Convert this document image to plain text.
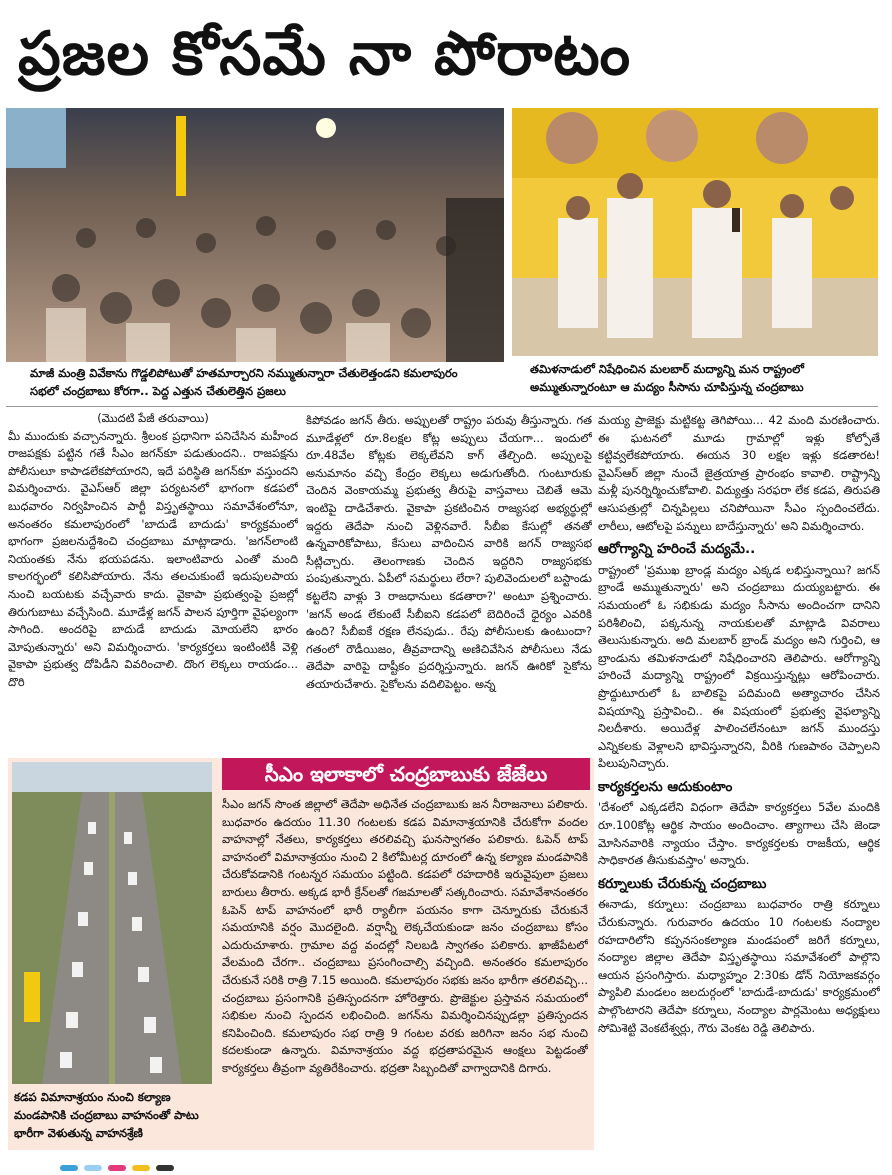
ప్రజల కోసమే నా పోరాటం
మాజీ మంత్రి వివేకాను గొడ్డలిపోటుతో హతమార్చారని నమ్ముతున్నారా చేతులెత్తండని కమలాపురం సభలో చంద్రబాబు కోరగా.. పెద్ద ఎత్తున చేతులెత్తిన ప్రజలు
తమిళనాడులో నిషేధించిన మలబార్ మద్యాన్ని మన రాష్ట్రంలో అమ్ముతున్నారంటూ ఆ మద్యం సీసాను చూపిస్తున్న చంద్రబాబు

(మొదటి పేజీ తరువాయి)

మీ ముందుకు వచ్చానన్నారు. శ్రీలంక ప్రధానిగా పనిచేసిన మహీంద రాజపక్షకు పట్టిన గతే సీఎం జగన్‌కూ పడుతుందని.. రాజపక్షను పోలీసులూ కాపాడలేకపోయారని, ఇదే పరిస్థితి జగన్‌కూ వస్తుందని విమర్శించారు. వైఎస్‌ఆర్ జిల్లా పర్యటనలో భాగంగా కడపలో బుధవారం నిర్వహించిన పార్టీ విస్తృతస్థాయి సమావేశంలోనూ, అనంతరం కమలాపురంలో 'బాదుడే బాదుడు' కార్యక్రమంలో భాగంగా ప్రజలనుద్దేశించి చంద్రబాబు మాట్లాడారు. 'జగన్‌లాంటి నియంతకు నేను భయపడను. ఇలాంటివారు ఎంతో మంది కాలగర్భంలో కలిసిపోయారు. నేను తలచుకుంటే ఇదుపులపాయ నుంచి బయటకు వచ్చేవారు కాదు. వైకాపా ప్రభుత్వంపై ప్రజల్లో తిరుగుబాటు వచ్చేసింది. మూడేళ్ల జగన్ పాలన పూర్తిగా వైఫల్యంగా సాగింది. అందరిపై బాదుడే బాదుడు మోయలేని భారం మోపుతున్నారు' అని విమర్శించారు. 'కార్యకర్తలు ఇంటింటికీ వెళ్లి వైకాపా ప్రభుత్వ దోపిడీని వివరించాలి. దొంగ లెక్కలు రాయడం... దొరి

కిపోవడం జగన్ తీరు. అప్పులతో రాష్ట్రం పరువు తీస్తున్నారు. గత మూడేళ్లలో రూ.8లక్షల కోట్ల అప్పులు చేయగా... ఇందులో రూ.48వేల కోట్లకు లెక్కలేవని కాగ్ తేల్చింది. అప్పులపై అనుమానం వచ్చి కేంద్రం లెక్కలు అడుగుతోంది. గుంటూరుకు చెందిన వెంకాయమ్మ ప్రభుత్వ తీరుపై వాస్తవాలు చెబితే ఆమె ఇంటిపై దాడిచేశారు. వైకాపా ప్రకటించిన రాజ్యసభ అభ్యర్థుల్లో ఇద్దరు తెదేపా నుంచి వెళ్లినవారే. సీబీఐ కేసుల్లో తనతో ఉన్నవారికోపాటు, కేసులు వాదించిన వారికి జగన్ రాజ్యసభ సీట్లిచ్చారు. తెలంగాణకు చెందిన ఇద్దరిని రాజ్యసభకు పంపుతున్నారు. ఏపీలో సమర్థులు లేరా? పులివెందులలో బస్టాండు కట్టలేని వాళ్లు 3 రాజధానులు కడతారా?' అంటూ ప్రశ్నించారు. 'జగన్ అండ లేకుంటే సీబీఐని కడపలో బెదిరించే ధైర్యం ఎవరికి ఉంది? సీబీఐకే రక్షణ లేనపుడు.. రేపు పోలీసులకు ఉంటుందా? గతంలో రౌడీయిజం, తీవ్రవాదాన్ని అణిచివేసిన పోలీసులు నేడు తెదేపా వారిపై దాష్టీకం ప్రదర్శిస్తున్నారు. జగన్ ఊరికో సైకోను తయారుచేశారు. సైకోలను వదిలిపెట్టం. అన్న

మయ్య ప్రాజెక్టు మట్టికట్ట తెగిపోయి... 42 మంది మరణించారు. ఈ ఘటనలో మూడు గ్రామాల్లో ఇళ్లు కోల్పోతే కట్టివ్వలేకపోయారు. ఈయన 30 లక్షల ఇళ్లు కడతారట! వైఎస్‌ఆర్ జిల్లా నుంచే జైత్రయాత్ర ప్రారంభం కావాలి. రాష్ట్రాన్ని మళ్లీ పునర్నిర్మించుకోవాలి. విద్యుత్తు సరఫరా లేక కడప, తిరుపతి ఆసుపత్రుల్లో చిన్నపిల్లలు చనిపోయినా సీఎం స్పందించలేదు. లారీలు, ఆటోలపై పన్నులు బాదేస్తున్నారు' అని విమర్శించారు.

ఆరోగ్యాన్ని హరించే మద్యమే..

రాష్ట్రంలో 'ప్రముఖ బ్రాండ్ల మద్యం ఎక్కడ లభిస్తున్నాయి? జగన్ బ్రాండే అమ్ముతున్నారు' అని చంద్రబాబు దుయ్యబట్టారు. ఈ సమయంలో ఓ సభికుడు మద్యం సీసాను అందించగా దానిని పరిశీలించి, పక్కనున్న నాయకులతో మాట్లాడి వివరాలు తెలుసుకున్నారు. అది మలబార్ బ్రాండ్ మద్యం అని గుర్తించి, ఆ బ్రాండును తమిళనాడులో నిషేధించారని తెలిపారు. ఆరోగ్యాన్ని హరించే మద్యాన్ని రాష్ట్రంలో విక్రయిస్తున్నట్లు ఆరోపించారు. ప్రొద్దుటూరులో ఓ బాలికపై పదిమంది అత్యాచారం చేసిన విషయాన్ని ప్రస్తావించి.. ఈ విషయంలో ప్రభుత్వ వైఫల్యాన్ని నిలదీశారు. అయిదేళ్ల పాలించలేనంటూ జగన్ ముందస్తు ఎన్నికలకు వెళ్లాలని భావిస్తున్నారని, వీరికి గుణపాఠం చెప్పాలని పిలుపునిచ్చారు.

కార్యకర్తలను ఆదుకుంటాం

'దేశంలో ఎక్కడలేని విధంగా తెదేపా కార్యకర్తలు 5వేల మందికి రూ.100కోట్ల ఆర్థిక సాయం అందించాం. త్యాగాలు చేసి జెండా మోసినవారికి న్యాయం చేస్తాం. కార్యకర్తలకు రాజకీయ, ఆర్థిక సాధికారత తీసుకువస్తాం' అన్నారు.

కర్నూలుకు చేరుకున్న చంద్రబాబు

ఈనాడు, కర్నూలు: చంద్రబాబు బుధవారం రాత్రి కర్నూలు చేరుకున్నారు. గురువారం ఉదయం 10 గంటలకు నంద్యాల రహదారిలోని కప్పనసంకల్యాణ మండపంలో జరిగే కర్నూలు, నంద్యాల జిల్లాల తెదేపా విస్తృతస్థాయి సమావేశంలో పాల్గొని ఆయన ప్రసంగిస్తారు. మధ్యాహ్నం 2:30కు డోన్ నియోజకవర్గం ప్యాపిలి మండలం జలదుర్గంలో 'బాదుడే-బాదుడు' కార్యక్రమంలో పాల్గొంటారని తెదేపా కర్నూలు, నంద్యాల పార్లమెంటు అధ్యక్షులు సోమిశెట్టి వెంకటేశ్వర్లు, గౌరు వెంకట రెడ్డి తెలిపారు.

సీఎం ఇలాకాలో చంద్రబాబుకు జేజేలు
సీఎం జగన్ సొంత జిల్లాలో తెదేపా అధినేత చంద్రబాబుకు జన నీరాజనాలు పలికారు. బుధవారం ఉదయం 11.30 గంటలకు కడప విమానాశ్రయానికి చేరుకోగా వందల వాహనాల్లో నేతలు, కార్యకర్తలు తరలివచ్చి ఘనస్వాగతం పలికారు. ఓపెన్ టాప్ వాహనంలో విమానాశ్రయం నుంచి 2 కిలోమీటర్ల దూరంలో ఉన్న కల్యాణ మండపానికి చేరుకోవడానికి గంటన్నర సమయం పట్టింది. కడపలో రహదారికి ఇరువైపులా ప్రజలు బారులు తీరారు. అక్కడ భారీ క్రేన్‌లతో గజమాలతో సత్కరించారు. సమావేశానంతరం ఓపెన్ టాప్ వాహనంలో భారీ ర్యాలీగా పయనం కాగా చెన్నూరుకు చేరుకునే సమయానికి వర్షం మొదలైంది. వర్షాన్నీ లెక్కచేయకుండా జనం చంద్రబాబు కోసం ఎదురుచూశారు. గ్రామాల వద్ద వందల్లో నిలబడి స్వాగతం పలికారు. ఖాజీపేటలో వేలమంది చేరగా.. చంద్రబాబు ప్రసంగించాల్సి వచ్చింది. అనంతరం కమలాపురం చేరుకునే సరికి రాత్రి 7.15 అయింది. కమలాపురం సభకు జనం భారీగా తరలివచ్చి... చంద్రబాబు ప్రసంగానికి ప్రతిస్పందనగా హోరెత్తారు. ప్రొజెక్టుల ప్రస్తావన సమయంలో సభికుల నుంచి స్పందన లభించింది. జగన్‌ను విమర్శించినప్పుడల్లా ప్రతిస్పందన కనిపించింది. కమలాపురం సభ రాత్రి 9 గంటల వరకు జరిగినా జనం సభ నుంచి కదలకుండా ఉన్నారు. విమానాశ్రయం వద్ద భద్రతాపరమైన ఆంక్షలు పెట్టడంతో కార్యకర్తలు తీవ్రంగా వ్యతిరేకించారు. భద్రతా సిబ్బందితో వాగ్వాదానికి దిగారు.
కడప విమానాశ్రయం నుంచి కల్యాణ మండపానికి చంద్రబాబు వాహనంతో పాటు భారీగా వెళుతున్న వాహనశ్రేణి
